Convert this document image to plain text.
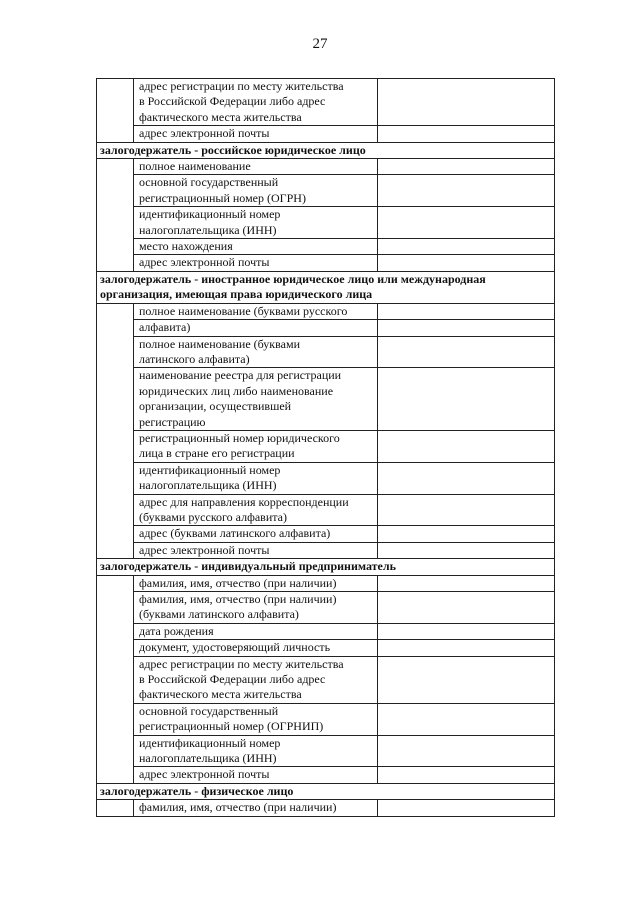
27

	адрес регистрации по месту жительства
в Российской Федерации либо адрес
фактического места жительства	

	адрес электронной почты	

залогодержатель - российское юридическое лицо		

	полное наименование	

	основной государственный
регистрационный номер (ОГРН)	

	идентификационный номер
налогоплательщика (ИНН)	

	место нахождения	

	адрес электронной почты	

залогодержатель - иностранное юридическое лицо или международная
организация, имеющая права юридического лица		

	полное наименование (буквами русского	

	алфавита)	

	полное наименование (буквами
латинского алфавита)	

	наименование реестра для регистрации
юридических лиц либо наименование
организации, осуществившей
регистрацию	

	регистрационный номер юридического
лица в стране его регистрации	

	идентификационный номер
налогоплательщика (ИНН)	

	адрес для направления корреспонденции
(буквами русского алфавита)	

	адрес (буквами латинского алфавита)	

	адрес электронной почты	

залогодержатель - индивидуальный предприниматель		

	фамилия, имя, отчество (при наличии)	

	фамилия, имя, отчество (при наличии)
(буквами латинского алфавита)	

	дата рождения	

	документ, удостоверяющий личность	

	адрес регистрации по месту жительства
в Российской Федерации либо адрес
фактического места жительства	

	основной государственный
регистрационный номер (ОГРНИП)	

	идентификационный номер
налогоплательщика (ИНН)	

	адрес электронной почты	

залогодержатель - физическое лицо		

	фамилия, имя, отчество (при наличии)	
